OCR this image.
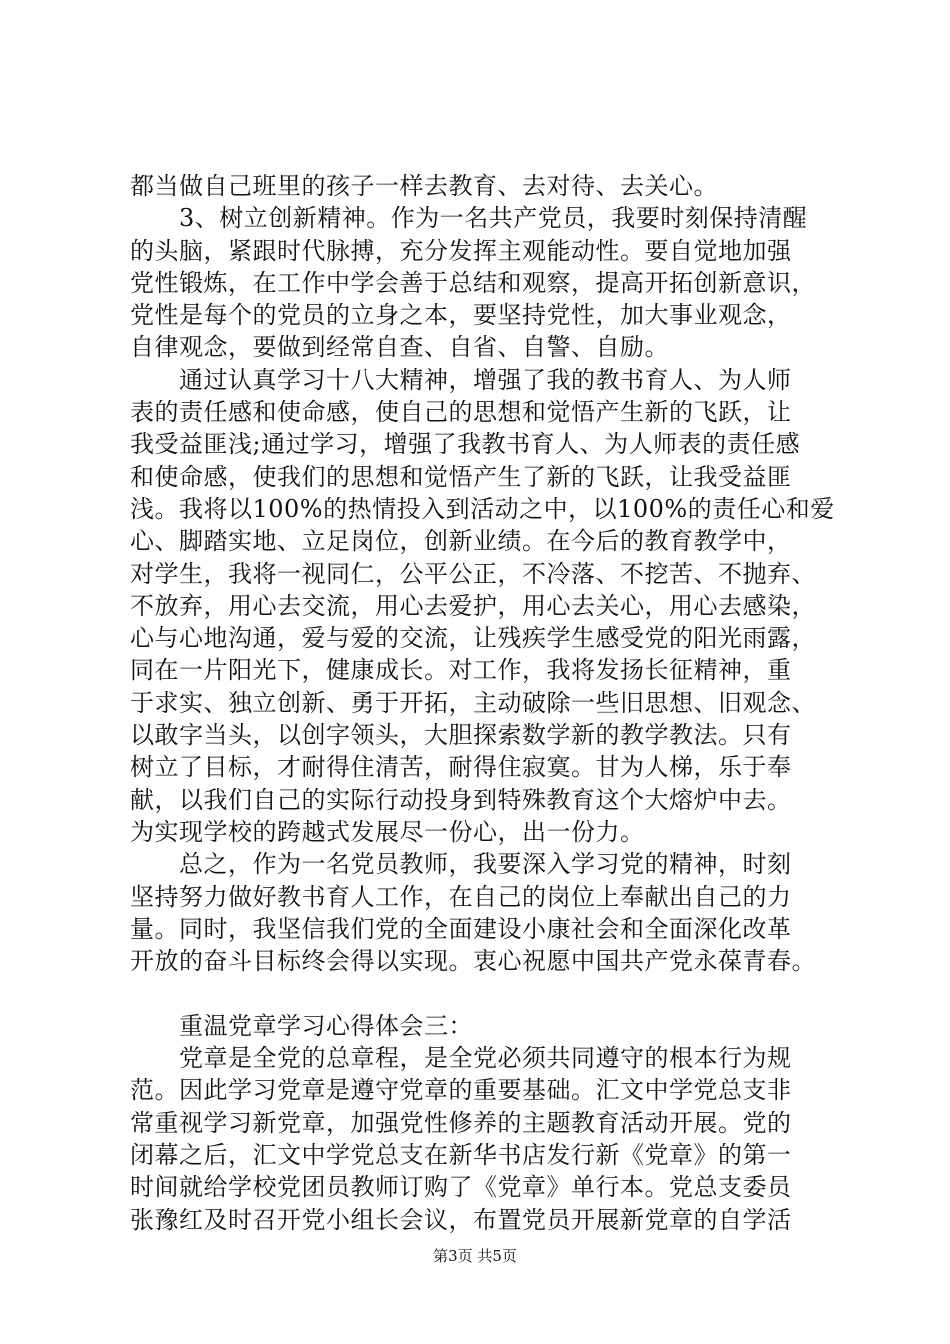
都当做自己班里的孩子一样去教育、去对待、去关心。
　　3、树立创新精神。作为一名共产党员，我要时刻保持清醒
的头脑，紧跟时代脉搏，充分发挥主观能动性。要自觉地加强
党性锻炼，在工作中学会善于总结和观察，提高开拓创新意识，
党性是每个的党员的立身之本，要坚持党性，加大事业观念，
自律观念，要做到经常自查、自省、自警、自励。
　　通过认真学习十八大精神，增强了我的教书育人、为人师
表的责任感和使命感，使自己的思想和觉悟产生新的飞跃，让
我受益匪浅;通过学习，增强了我教书育人、为人师表的责任感
和使命感，使我们的思想和觉悟产生了新的飞跃，让我受益匪
浅。我将以100%的热情投入到活动之中，以100%的责任心和爱
心、脚踏实地、立足岗位，创新业绩。在今后的教育教学中，
对学生，我将一视同仁，公平公正，不冷落、不挖苦、不抛弃、
不放弃，用心去交流，用心去爱护，用心去关心，用心去感染，
心与心地沟通，爱与爱的交流，让残疾学生感受党的阳光雨露，
同在一片阳光下，健康成长。对工作，我将发扬长征精神，重
于求实、独立创新、勇于开拓，主动破除一些旧思想、旧观念、
以敢字当头，以创字领头，大胆探索数学新的教学教法。只有
树立了目标，才耐得住清苦，耐得住寂寞。甘为人梯，乐于奉
献，以我们自己的实际行动投身到特殊教育这个大熔炉中去。
为实现学校的跨越式发展尽一份心，出一份力。
　　总之，作为一名党员教师，我要深入学习党的精神，时刻
坚持努力做好教书育人工作，在自己的岗位上奉献出自己的力
量。同时，我坚信我们党的全面建设小康社会和全面深化改革
开放的奋斗目标终会得以实现。衷心祝愿中国共产党永葆青春。
　　重温党章学习心得体会三：
　　党章是全党的总章程，是全党必须共同遵守的根本行为规
范。因此学习党章是遵守党章的重要基础。汇文中学党总支非
常重视学习新党章，加强党性修养的主题教育活动开展。党的
闭幕之后，汇文中学党总支在新华书店发行新《党章》的第一
时间就给学校党团员教师订购了《党章》单行本。党总支委员
张豫红及时召开党小组长会议，布置党员开展新党章的自学活
第3页 共5页
